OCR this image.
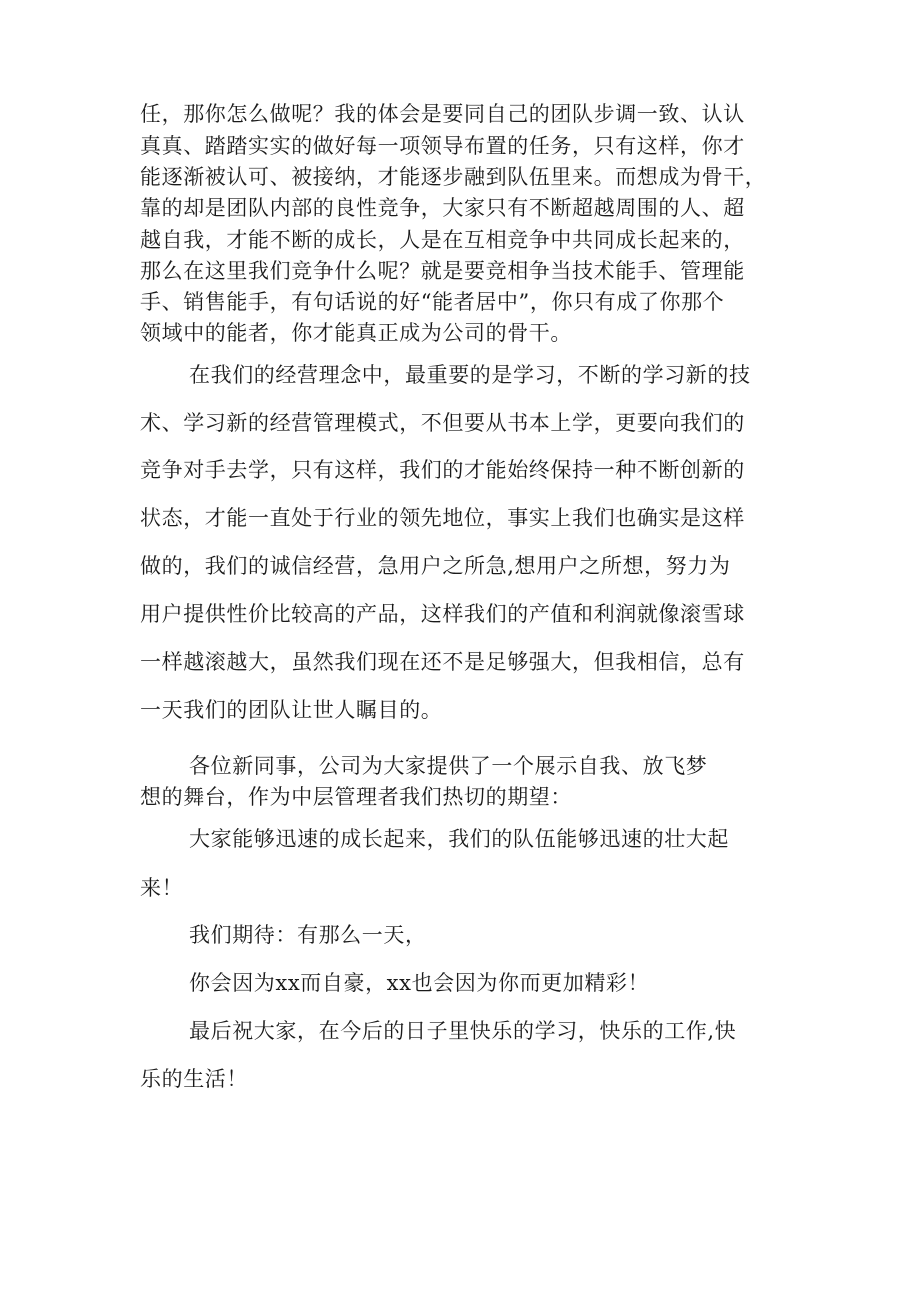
任，那你怎么做呢？我的体会是要同自己的团队步调一致、认认
真真、踏踏实实的做好每一项领导布置的任务，只有这样，你才
能逐渐被认可、被接纳，才能逐步融到队伍里来。而想成为骨干，
靠的却是团队内部的良性竞争，大家只有不断超越周围的人、超
越自我，才能不断的成长，人是在互相竞争中共同成长起来的，
那么在这里我们竞争什么呢？就是要竞相争当技术能手、管理能
手、销售能手，有句话说的好“能者居中”，你只有成了你那个
领域中的能者，你才能真正成为公司的骨干。
在我们的经营理念中，最重要的是学习，不断的学习新的技
术、学习新的经营管理模式，不但要从书本上学，更要向我们的
竞争对手去学，只有这样，我们的才能始终保持一种不断创新的
状态，才能一直处于行业的领先地位，事实上我们也确实是这样
做的，我们的诚信经营，急用户之所急,想用户之所想，努力为
用户提供性价比较高的产品，这样我们的产值和利润就像滚雪球
一样越滚越大，虽然我们现在还不是足够强大，但我相信，总有
一天我们的团队让世人瞩目的。
各位新同事，公司为大家提供了一个展示自我、放飞梦
想的舞台，作为中层管理者我们热切的期望：
大家能够迅速的成长起来，我们的队伍能够迅速的壮大起
来！
我们期待：有那么一天，
你会因为xx而自豪，xx也会因为你而更加精彩！
最后祝大家，在今后的日子里快乐的学习，快乐的工作,快
乐的生活！
